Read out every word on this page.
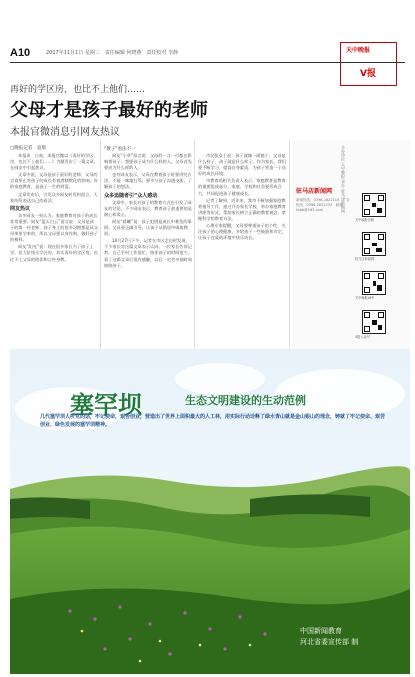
A10	2017年11月1日 星期三　责任编辑 何晓燕　责任校对 李静	天中晚报
V报
再好的学区房，也比不上他们……
父母才是孩子最好的老师
本报官微消息引网友热议
□晚报记者　袁瑞	“教子”看法不一

本报讯　日前，本报官微以《再好的学区房，也比不上他们……》为题发布了一篇文章，在网友中引起热议。

文章中说，父母是孩子最好的老师，父母的言谈举止对孩子的成长有着潜移默化的影响。好的家庭教育，是孩子一生的财富。

文章发布后，引发众多网友转发和留言，大家纷纷表达自己的看法。

网友热议

众多网友一致认为，家庭教育对孩子的成长非常重要。网友“蓝天白云”留言说：父母是孩子的第一任老师，孩子身上的很多习惯都是从父母那里学来的，所以父母要以身作则，做好孩子的榜样。

网友“阳光”说：现在很多家长为了孩子上学，花大价钱买学区房，其实再好的学区房，也比不上父母的陪伴和言传身教。

网友“小草”留言说：父母的一言一行都在影响着孩子，想要孩子成为什么样的人，父母首先要成为什么样的人。

也有网友表示，父母在教育孩子时要讲究方法，不能一味地打骂，要多与孩子沟通交流，了解孩子的想法。

众多追随者引“众人感动

文章中，家长对孩子的教育方式也引发了网友的讨论。不少网友表示，教育孩子最重要的是耐心和爱心。

网友“晨曦”说：孩子犯错是成长中难免的事情，父母要正确引导，让孩子从错误中吸取教训。

10月27日下午，记者在市区走访时发现，不少家长对这篇文章表示认同。一位家长告诉记者，自己平时工作很忙，陪伴孩子的时间很少，看了这篇文章后很有感触，以后一定会多抽时间陪陪孩子。

市民张女士说：孩子就像一面镜子，父母是什么样子，孩子就是什么样子。作为家长，我们要不断学习，提高自身素质，为孩子营造一个良好的成长环境。

市教育局相关负责人表示，家庭教育是教育的重要组成部分，家庭、学校和社会要形成合力，共同促进孩子健康成长。

记者了解到，近年来，我市不断加强家庭教育指导工作，通过开办家长学校、举办家庭教育讲座等形式，帮助家长树立正确的教育观念，掌握科学的教育方法。

心理专家提醒，父母要尊重孩子的个性，关注孩子的心理健康，多给孩子一些鼓励和肯定，让孩子在爱的环境中快乐成长。

主办单位 天中晚报 承办 驻马店新闻网
驻马店新闻网
新闻热线：0396-2822110　广告热线：0396-2821233　邮箱：tzwb@163.com
天中晚报官微
驻马店新闻网
天中晚报APP
V报公众号
塞罕坝	生态文明建设的生动范例
几代塞罕坝人听党的话，牢记使命，艰苦创业，营造出了世界上面积最大的人工林，用实际行动诠释了绿水青山就是金山银山的理念，铸就了牢记使命、艰苦创业、绿色发展的塞罕坝精神。
中国新闻教育
河北省委宣传部 制
